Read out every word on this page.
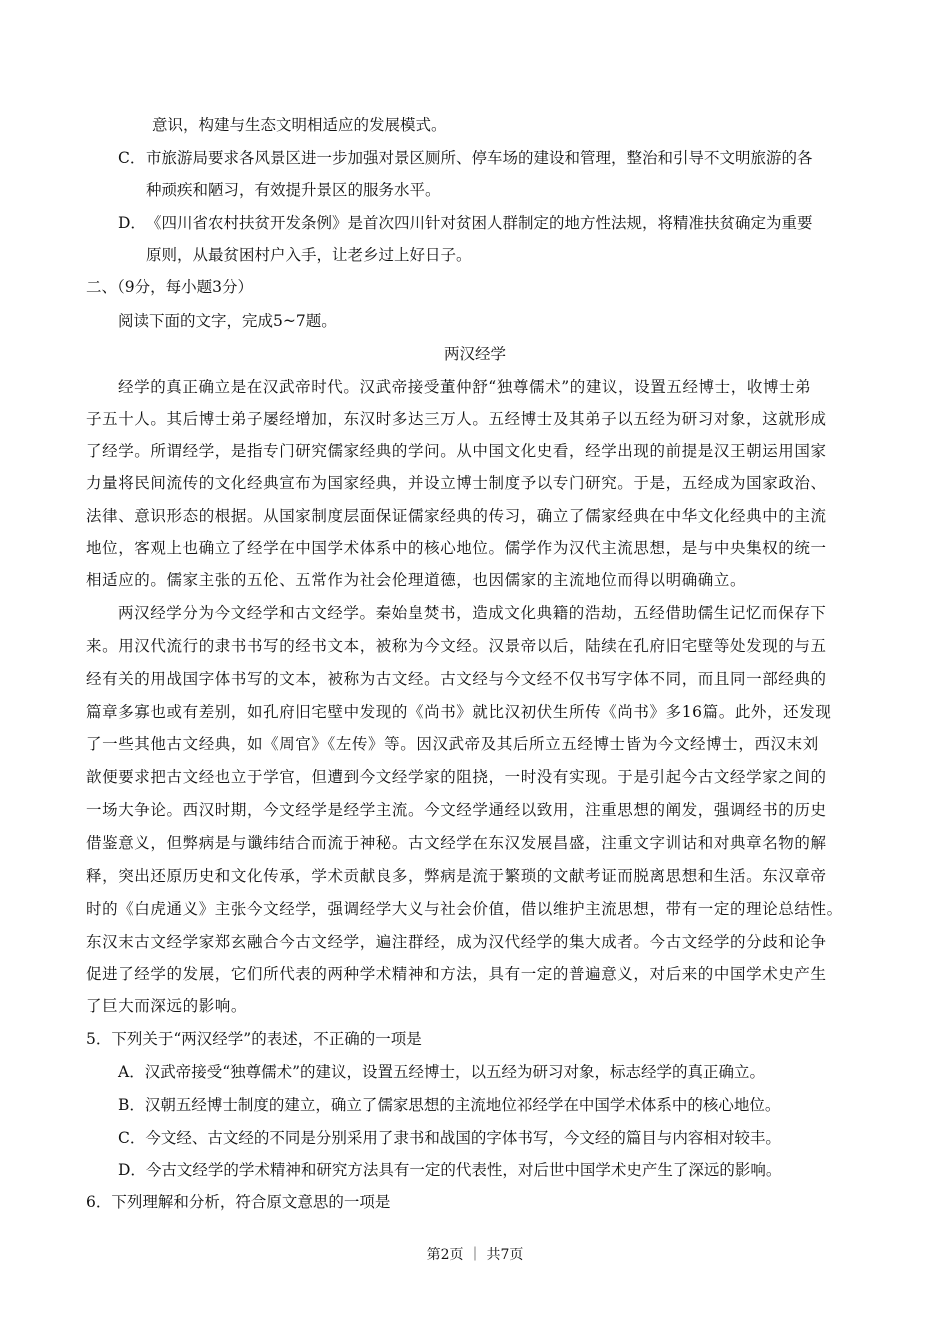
意识，构建与生态文明相适应的发展模式。
C． 市旅游局要求各风景区进一步加强对景区厕所、停车场的建设和管理，整治和引导不文明旅游的各
种顽疾和陋习，有效提升景区的服务水平。
D． 《四川省农村扶贫开发条例》是首次四川针对贫困人群制定的地方性法规，将精准扶贫确定为重要
原则，从最贫困村户入手，让老乡过上好日子。
二、（9分，每小题3分）
阅读下面的文字，完成5~7题。
两汉经学
经学的真正确立是在汉武帝时代。汉武帝接受董仲舒“独尊儒术”的建议，设置五经博士，收博士弟
子五十人。其后博士弟子屡经增加，东汉时多达三万人。五经博士及其弟子以五经为研习对象，这就形成
了经学。所谓经学，是指专门研究儒家经典的学问。从中国文化史看，经学出现的前提是汉王朝运用国家
力量将民间流传的文化经典宣布为国家经典，并设立博士制度予以专门研究。于是，五经成为国家政治、
法律、意识形态的根据。从国家制度层面保证儒家经典的传习，确立了儒家经典在中华文化经典中的主流
地位，客观上也确立了经学在中国学术体系中的核心地位。儒学作为汉代主流思想，是与中央集权的统一
相适应的。儒家主张的五伦、五常作为社会伦理道德，也因儒家的主流地位而得以明确确立。
两汉经学分为今文经学和古文经学。秦始皇焚书，造成文化典籍的浩劫，五经借助儒生记忆而保存下
来。用汉代流行的隶书书写的经书文本，被称为今文经。汉景帝以后，陆续在孔府旧宅壁等处发现的与五
经有关的用战国字体书写的文本，被称为古文经。古文经与今文经不仅书写字体不同，而且同一部经典的
篇章多寡也或有差别，如孔府旧宅壁中发现的《尚书》就比汉初伏生所传《尚书》多16篇。此外，还发现
了一些其他古文经典，如《周官》《左传》等。因汉武帝及其后所立五经博士皆为今文经博士，西汉末刘
歆便要求把古文经也立于学官，但遭到今文经学家的阻挠，一时没有实现。于是引起今古文经学家之间的
一场大争论。西汉时期，今文经学是经学主流。今文经学通经以致用，注重思想的阐发，强调经书的历史
借鉴意义，但弊病是与谶纬结合而流于神秘。古文经学在东汉发展昌盛，注重文字训诂和对典章名物的解
释，突出还原历史和文化传承，学术贡献良多，弊病是流于繁琐的文献考证而脱离思想和生活。东汉章帝
时的《白虎通义》主张今文经学，强调经学大义与社会价值，借以维护主流思想，带有一定的理论总结性。
东汉末古文经学家郑玄融合今古文经学，遍注群经，成为汉代经学的集大成者。今古文经学的分歧和论争
促进了经学的发展，它们所代表的两种学术精神和方法，具有一定的普遍意义，对后来的中国学术史产生
了巨大而深远的影响。
5．下列关于“两汉经学”的表述，不正确的一项是
A．汉武帝接受“独尊儒术”的建议，设置五经博士，以五经为研习对象，标志经学的真正确立。
B．汉朝五经博士制度的建立，确立了儒家思想的主流地位祁经学在中国学术体系中的核心地位。
C．今文经、古文经的不同是分别采用了隶书和战国的字体书写，今文经的篇目与内容相对较丰。
D．今古文经学的学术精神和研究方法具有一定的代表性，对后世中国学术史产生了深远的影响。
6．下列理解和分析，符合原文意思的一项是
第2页 ｜ 共7页
